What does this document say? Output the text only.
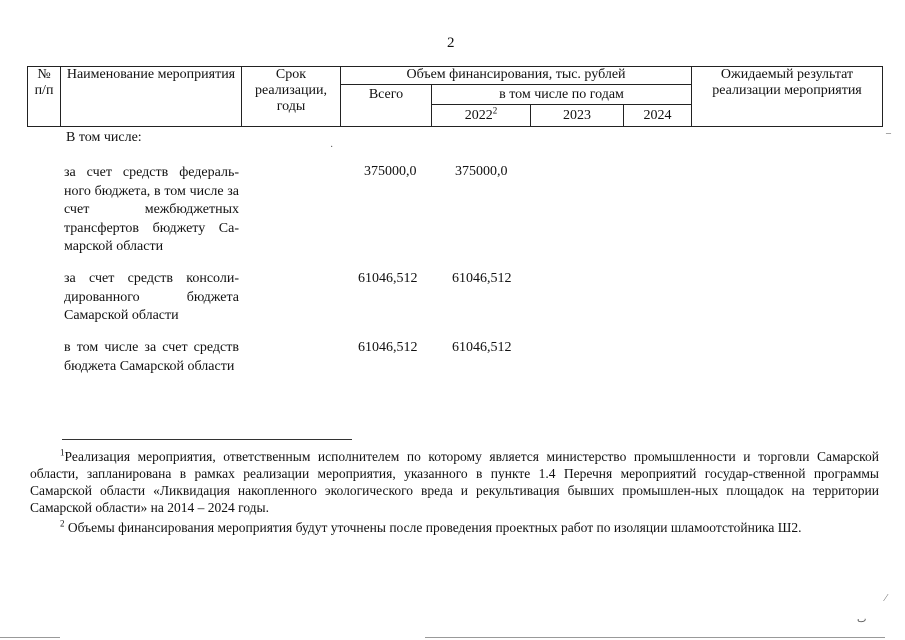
2
№ п/п	Наименование мероприятия	Срок реализации, годы	Объем финансирования, тыс. рублей				Ожидаемый результат реализации мероприятия
			Всего	в том числе по годам			
				2022$^2$	2023	2024	
В том числе:
за счет средств федераль-ного бюджета, в том числе за счет межбюджетных трансфертов бюджету Са-марской области
375000,0	375000,0
за счет средств консоли-дированного бюджета Самарской области
61046,512 61046,512
в том числе за счет средств бюджета Самарской области
61046,512 61046,512
$^1$Реализация мероприятия, ответственным исполнителем по которому является министерство промышленности и торговли Самарской области, запланирована в рамках реализации мероприятия, указанного в пункте 1.4 Перечня мероприятий государ-ственной программы Самарской области «Ликвидация накопленного экологического вреда и рекультивация бывших промышлен-ных площадок на территории Самарской области» на 2014 – 2024 годы.
$^2$ Объемы финансирования мероприятия будут уточнены после проведения проектных работ по изоляции шламоотстойника Ш2.
·
–
⁄
ٮ
